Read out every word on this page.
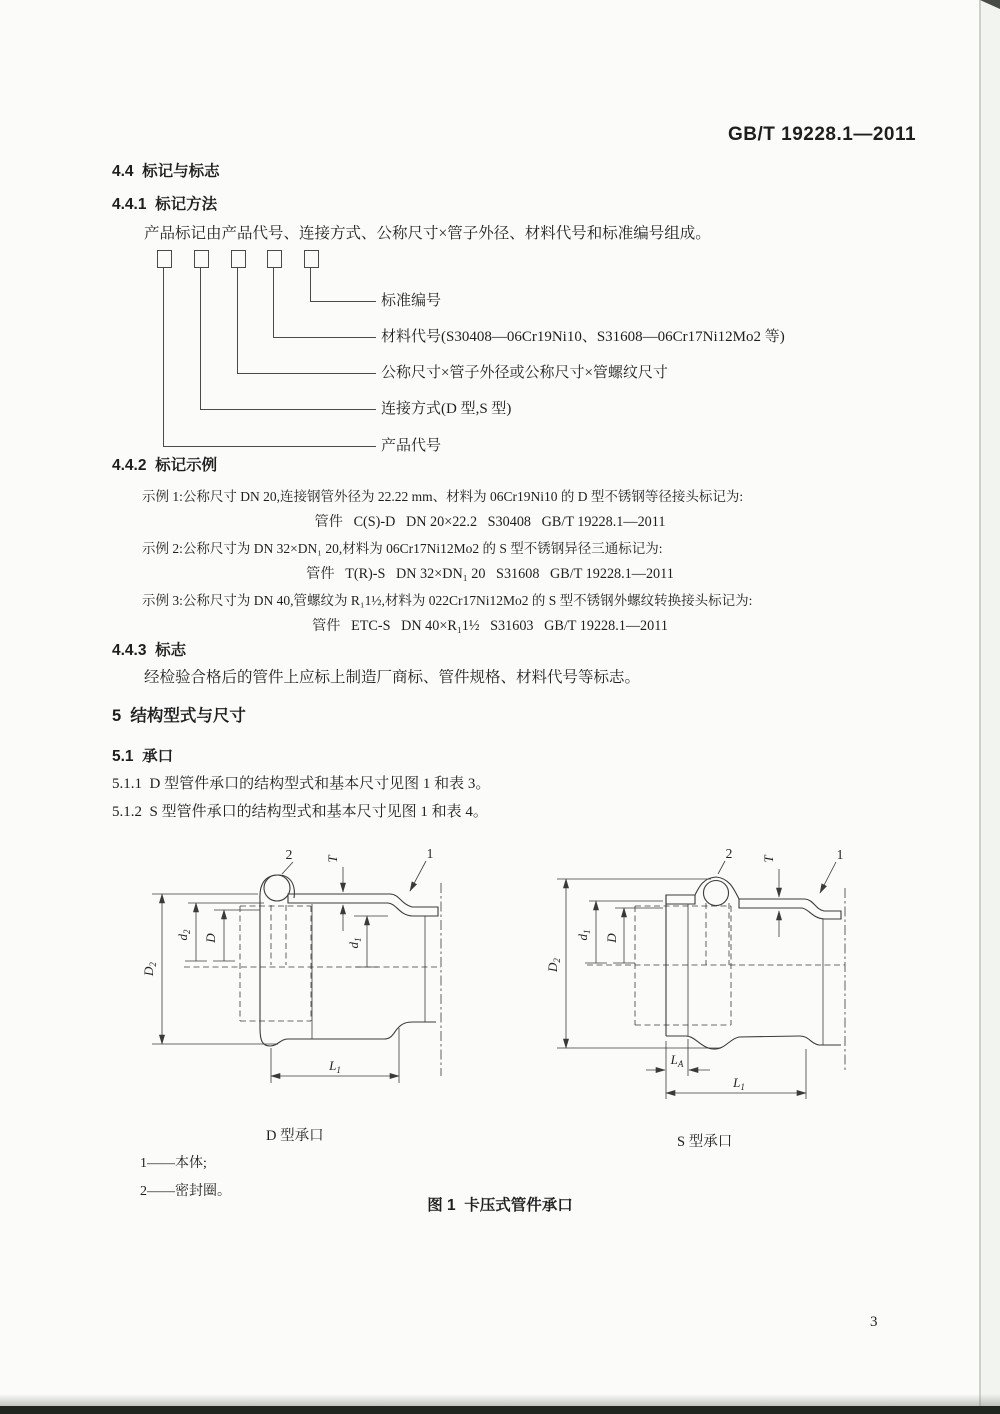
GB/T 19228.1—2011
4.4  标记与标志
4.4.1  标记方法
产品标记由产品代号、连接方式、公称尺寸×管子外径、材料代号和标准编号组成。
标准编号
材料代号(S30408—06Cr19Ni10、S31608—06Cr17Ni12Mo2 等)
公称尺寸×管子外径或公称尺寸×管螺纹尺寸
连接方式(D 型,S 型)
产品代号
4.4.2  标记示例
示例 1:公称尺寸 DN 20,连接钢管外径为 22.22 mm、材料为 06Cr19Ni10 的 D 型不锈钢等径接头标记为:
管件   C(S)-D   DN 20×22.2   S30408   GB/T 19228.1—2011
示例 2:公称尺寸为 DN 32×DN₁ 20,材料为 06Cr17Ni12Mo2 的 S 型不锈钢异径三通标记为:
管件   T(R)-S   DN 32×DN₁ 20   S31608   GB/T 19228.1—2011
示例 3:公称尺寸为 DN 40,管螺纹为 R₁1½,材料为 022Cr17Ni12Mo2 的 S 型不锈钢外螺纹转换接头标记为:
管件   ETC-S   DN 40×R₁1½   S31603   GB/T 19228.1—2011
4.4.3  标志
经检验合格后的管件上应标上制造厂商标、管件规格、材料代号等标志。
5  结构型式与尺寸
5.1  承口
5.1.1  D 型管件承口的结构型式和基本尺寸见图 1 和表 3。
5.1.2  S 型管件承口的结构型式和基本尺寸见图 1 和表 4。
$D_2$
$d_2$
D
$d_1$
$L_1$
T
2	1
$D_2$
$d_1$
D
T
$L_A$
$L_1$
2	1
D 型承口	S 型承口
1——本体;
2——密封圈。
图 1  卡压式管件承口
3
